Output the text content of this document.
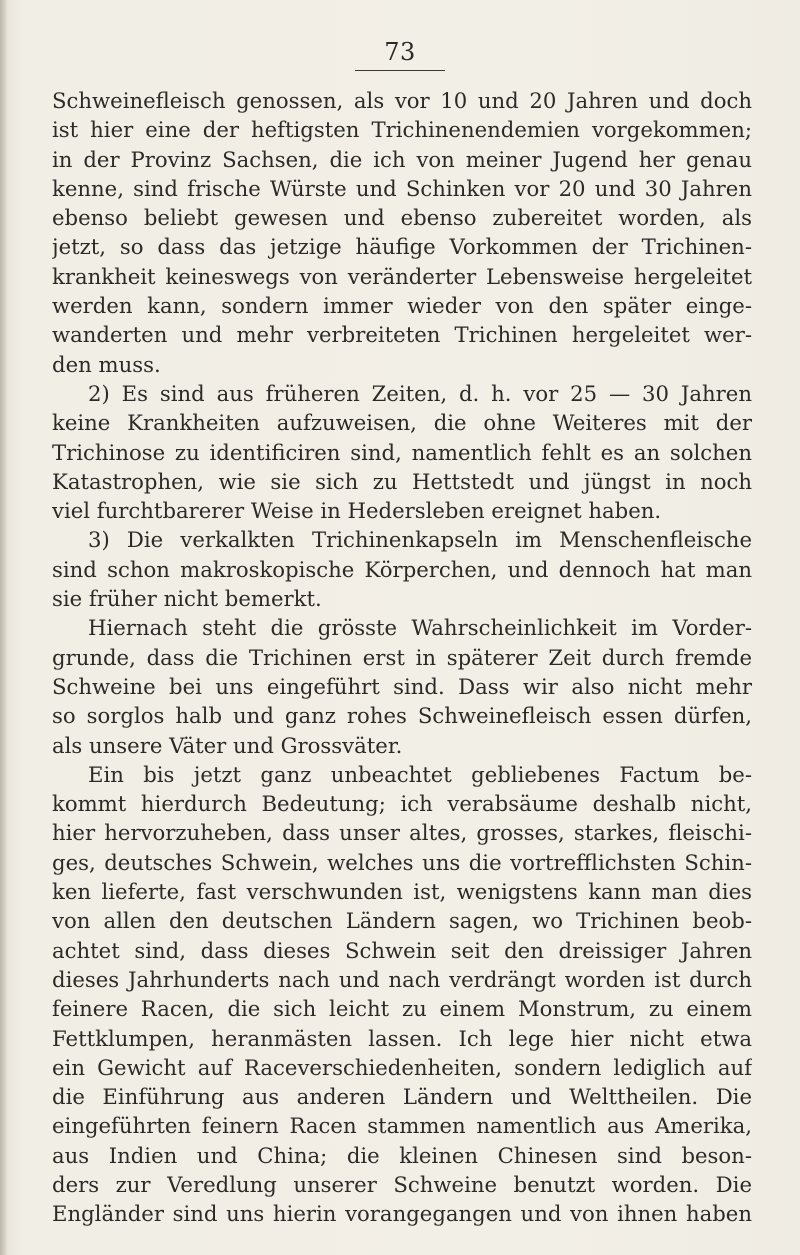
73
Schweinefleisch genossen, als vor 10 und 20 Jahren und doch
ist hier eine der heftigsten Trichinenendemien vorgekommen;
in der Provinz Sachsen, die ich von meiner Jugend her genau
kenne, sind frische Würste und Schinken vor 20 und 30 Jahren
ebenso beliebt gewesen und ebenso zubereitet worden, als
jetzt, so dass das jetzige häufige Vorkommen der Trichinen-
krankheit keineswegs von veränderter Lebensweise hergeleitet
werden kann, sondern immer wieder von den später einge-
wanderten und mehr verbreiteten Trichinen hergeleitet wer-
den muss.
2) Es sind aus früheren Zeiten, d. h. vor 25 — 30 Jahren
keine Krankheiten aufzuweisen, die ohne Weiteres mit der
Trichinose zu identificiren sind, namentlich fehlt es an solchen
Katastrophen, wie sie sich zu Hettstedt und jüngst in noch
viel furchtbarerer Weise in Hedersleben ereignet haben.
3) Die verkalkten Trichinenkapseln im Menschenfleische
sind schon makroskopische Körperchen, und dennoch hat man
sie früher nicht bemerkt.
Hiernach steht die grösste Wahrscheinlichkeit im Vorder-
grunde, dass die Trichinen erst in späterer Zeit durch fremde
Schweine bei uns eingeführt sind. Dass wir also nicht mehr
so sorglos halb und ganz rohes Schweinefleisch essen dürfen,
als unsere Väter und Grossväter.
Ein bis jetzt ganz unbeachtet gebliebenes Factum be-
kommt hierdurch Bedeutung; ich verabsäume deshalb nicht,
hier hervorzuheben, dass unser altes, grosses, starkes, fleischi-
ges, deutsches Schwein, welches uns die vortrefflichsten Schin-
ken lieferte, fast verschwunden ist, wenigstens kann man dies
von allen den deutschen Ländern sagen, wo Trichinen beob-
achtet sind, dass dieses Schwein seit den dreissiger Jahren
dieses Jahrhunderts nach und nach verdrängt worden ist durch
feinere Racen, die sich leicht zu einem Monstrum, zu einem
Fettklumpen, heranmästen lassen. Ich lege hier nicht etwa
ein Gewicht auf Raceverschiedenheiten, sondern lediglich auf
die Einführung aus anderen Ländern und Welttheilen. Die
eingeführten feinern Racen stammen namentlich aus Amerika,
aus Indien und China; die kleinen Chinesen sind beson-
ders zur Veredlung unserer Schweine benutzt worden. Die
Engländer sind uns hierin vorangegangen und von ihnen haben
